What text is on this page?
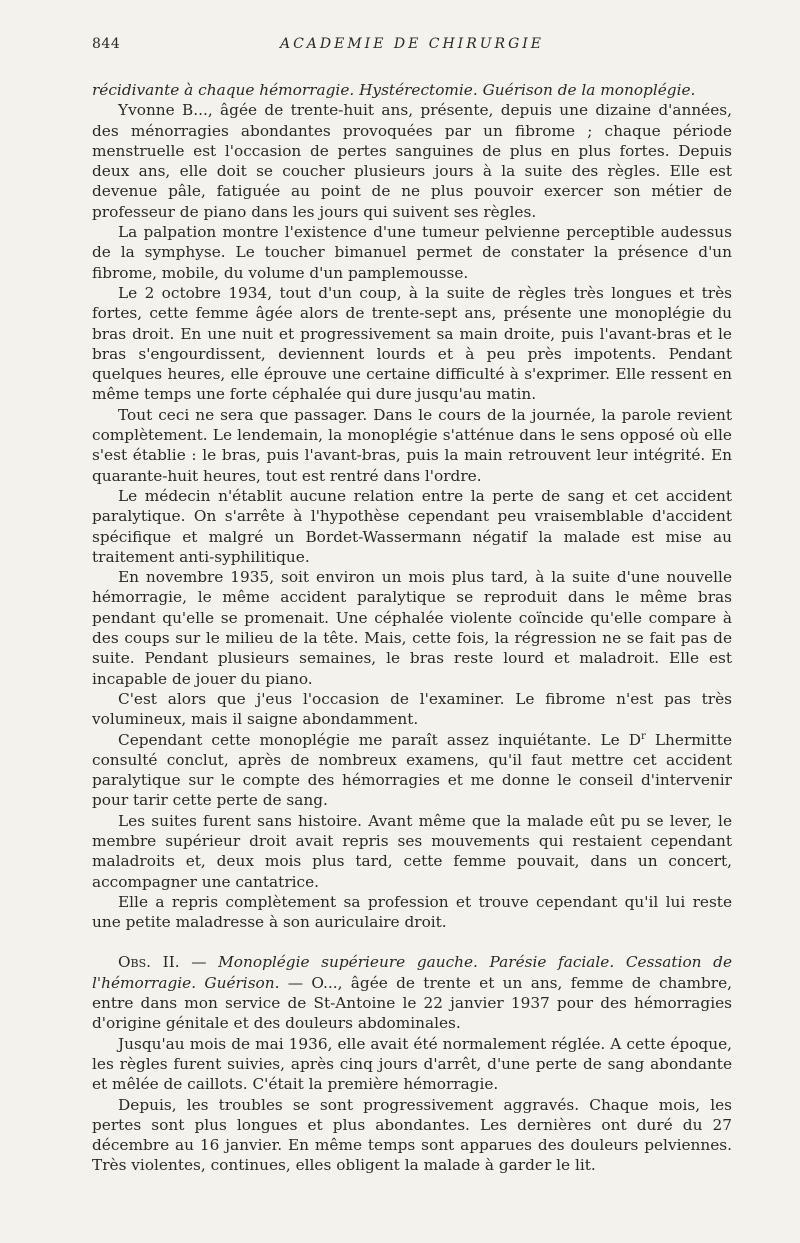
844	ACADEMIE DE CHIRURGIE

récidivante à chaque hémorragie. Hystérectomie. Guérison de la monoplégie.

Yvonne B..., âgée de trente-huit ans, présente, depuis une dizaine d'années, des ménorragies abondantes provoquées par un fibrome ; chaque période menstruelle est l'occasion de pertes sanguines de plus en plus fortes. Depuis deux ans, elle doit se coucher plusieurs jours à la suite des règles. Elle est devenue pâle, fatiguée au point de ne plus pouvoir exercer son métier de professeur de piano dans les jours qui suivent ses règles.

La palpation montre l'existence d'une tumeur pelvienne perceptible audessus de la symphyse. Le toucher bimanuel permet de constater la présence d'un fibrome, mobile, du volume d'un pamplemousse.

Le 2 octobre 1934, tout d'un coup, à la suite de règles très longues et très fortes, cette femme âgée alors de trente-sept ans, présente une monoplégie du bras droit. En une nuit et progressivement sa main droite, puis l'avant-bras et le bras s'engourdissent, deviennent lourds et à peu près impotents. Pendant quelques heures, elle éprouve une certaine difficulté à s'exprimer. Elle ressent en même temps une forte céphalée qui dure jusqu'au matin.

Tout ceci ne sera que passager. Dans le cours de la journée, la parole revient complètement. Le lendemain, la monoplégie s'atténue dans le sens opposé où elle s'est établie : le bras, puis l'avant-bras, puis la main retrouvent leur intégrité. En quarante-huit heures, tout est rentré dans l'ordre.

Le médecin n'établit aucune relation entre la perte de sang et cet accident paralytique. On s'arrête à l'hypothèse cependant peu vraisemblable d'accident spécifique et malgré un Bordet-Wassermann négatif la malade est mise au traitement anti-syphilitique.

En novembre 1935, soit environ un mois plus tard, à la suite d'une nouvelle hémorragie, le même accident paralytique se reproduit dans le même bras pendant qu'elle se promenait. Une céphalée violente coïncide qu'elle compare à des coups sur le milieu de la tête. Mais, cette fois, la régression ne se fait pas de suite. Pendant plusieurs semaines, le bras reste lourd et maladroit. Elle est incapable de jouer du piano.

C'est alors que j'eus l'occasion de l'examiner. Le fibrome n'est pas très volumineux, mais il saigne abondamment.

Cependant cette monoplégie me paraît assez inquiétante. Le $D^r$ Lhermitte consulté conclut, après de nombreux examens, qu'il faut mettre cet accident paralytique sur le compte des hémorragies et me donne le conseil d'intervenir pour tarir cette perte de sang.

Les suites furent sans histoire. Avant même que la malade eût pu se lever, le membre supérieur droit avait repris ses mouvements qui restaient cependant maladroits et, deux mois plus tard, cette femme pouvait, dans un concert, accompagner une cantatrice.

Elle a repris complètement sa profession et trouve cependant qu'il lui reste une petite maladresse à son auriculaire droit.

Obs. II. — Monoplégie supérieure gauche. Parésie faciale. Cessation de l'hémorragie. Guérison. — O..., âgée de trente et un ans, femme de chambre, entre dans mon service de St-Antoine le 22 janvier 1937 pour des hémorragies d'origine génitale et des douleurs abdominales.

Jusqu'au mois de mai 1936, elle avait été normalement réglée. A cette époque, les règles furent suivies, après cinq jours d'arrêt, d'une perte de sang abondante et mêlée de caillots. C'était la première hémorragie.

Depuis, les troubles se sont progressivement aggravés. Chaque mois, les pertes sont plus longues et plus abondantes. Les dernières ont duré du 27 décembre au 16 janvier. En même temps sont apparues des douleurs pelviennes. Très violentes, continues, elles obligent la malade à garder le lit.
